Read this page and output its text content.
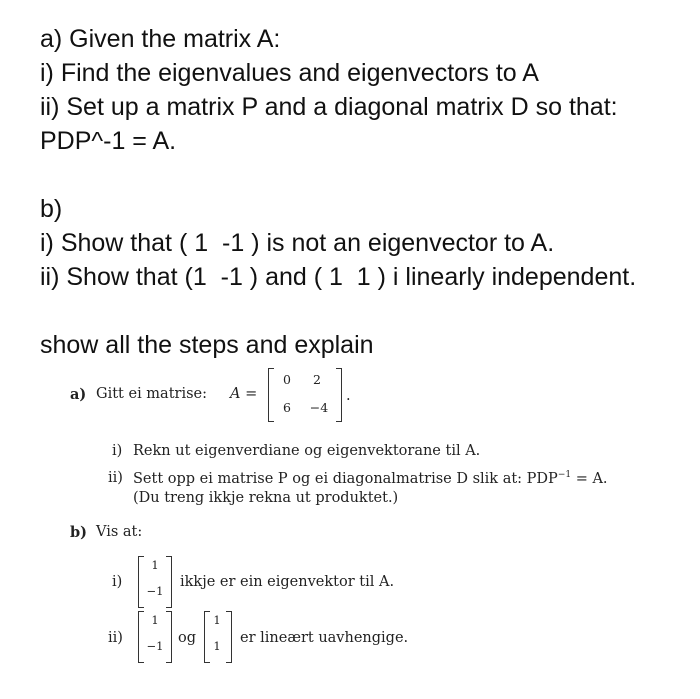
a) Given the matrix A:
i) Find the eigenvalues and eigenvectors to A
ii) Set up a matrix P and a diagonal matrix D so that:
PDP^-1 = A.
b)
i) Show that ( 1  -1 ) is not an eigenvector to A.
ii) Show that (1  -1 ) and ( 1  1 ) i linearly independent.
show all the steps and explain
a) Gitt ei matrise: A =
0	2
6	−4
.
i) Rekn ut eigenverdiane og eigenvektorane til A.
ii) Sett opp ei matrise P og ei diagonalmatrise D slik at: $PDP^{-1} = A$.
(Du treng ikkje rekna ut produktet.)
b) Vis at:
i)
1
−1
ikkje er ein eigenvektor til A.
ii)
1
−1 og
1
1	er lineært uavhengige.
